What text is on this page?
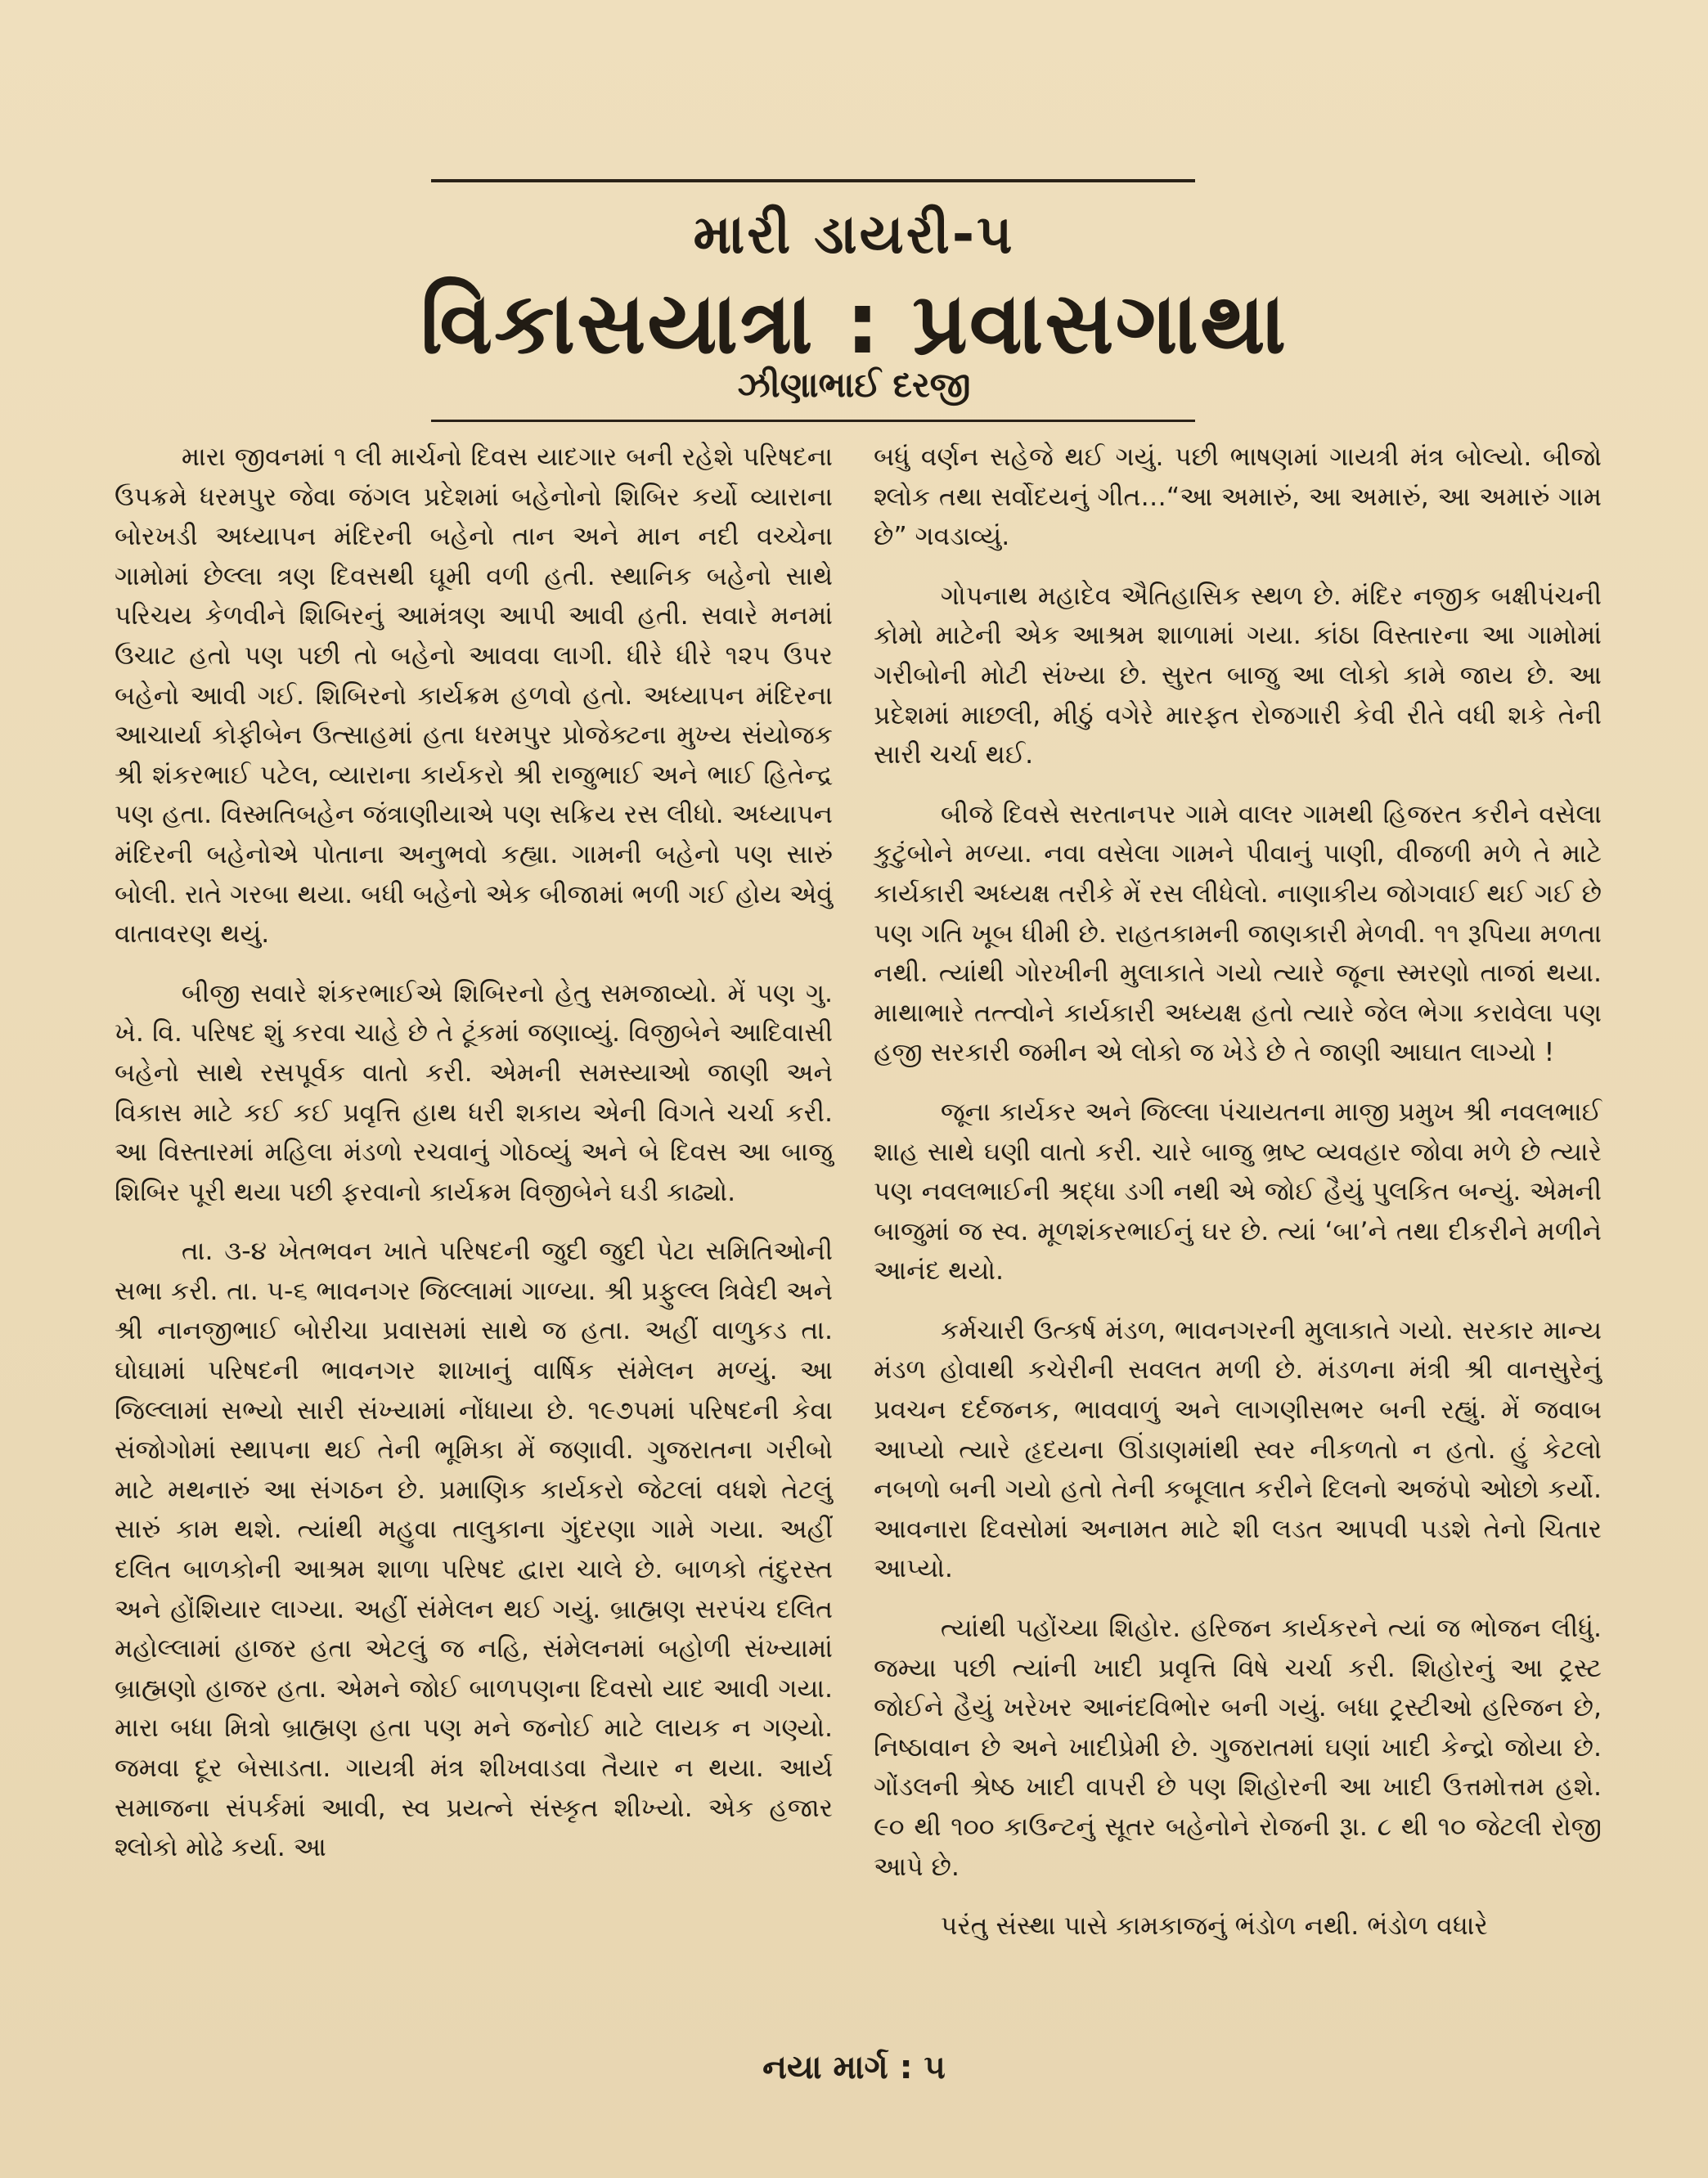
મારી ડાયરી-૫
વિકાસયાત્રા : પ્રવાસગાથા
ઝીણાભાઈ દરજી

મારા જીવનમાં ૧ લી માર્ચનો દિવસ યાદગાર બની રહેશે પરિષદના ઉપક્રમે ધરમપુર જેવા જંગલ પ્રદેશમાં બહેનોનો શિબિર કર્યો વ્યારાના બોરખડી અધ્યાપન મંદિરની બહેનો તાન અને માન નદી વચ્ચેના ગામોમાં છેલ્લા ત્રણ દિવસથી ઘૂમી વળી હતી. સ્થાનિક બહેનો સાથે પરિચય કેળવીને શિબિરનું આમંત્રણ આપી આવી હતી. સવારે મનમાં ઉચાટ હતો પણ પછી તો બહેનો આવવા લાગી. ધીરે ધીરે ૧૨૫ ઉપર બહેનો આવી ગઈ. શિબિરનો કાર્યક્રમ હળવો હતો. અધ્યાપન મંદિરના આચાર્યા કોફીબેન ઉત્સાહમાં હતા ધરમપુર પ્રોજેક્ટના મુખ્ય સંયોજક શ્રી શંકરભાઈ પટેલ, વ્યારાના કાર્યકરો શ્રી રાજુભાઈ અને ભાઈ હિતેન્દ્ર પણ હતા. વિસ્મતિબહેન જંત્રાણીયાએ પણ સક્રિય રસ લીધો. અધ્યાપન મંદિરની બહેનોએ પોતાના અનુભવો કહ્યા. ગામની બહેનો પણ સારું બોલી. રાતે ગરબા થયા. બધી બહેનો એક બીજામાં ભળી ગઈ હોય એવું વાતાવરણ થયું.

બીજી સવારે શંકરભાઈએ શિબિરનો હેતુ સમજાવ્યો. મેં પણ ગુ. ખે. વિ. પરિષદ શું કરવા ચાહે છે તે ટૂંકમાં જણાવ્યું. વિજીબેને આદિવાસી બહેનો સાથે રસપૂર્વક વાતો કરી. એમની સમસ્યાઓ જાણી અને વિકાસ માટે કઈ કઈ પ્રવૃત્તિ હાથ ધરી શકાય એની વિગતે ચર્ચા કરી. આ વિસ્તારમાં મહિલા મંડળો રચવાનું ગોઠવ્યું અને બે દિવસ આ બાજુ શિબિર પૂરી થયા પછી ફરવાનો કાર્યક્રમ વિજીબેને ઘડી કાઢ્યો.

તા. ૩-૪ ખેતભવન ખાતે પરિષદની જુદી જુદી પેટા સમિતિઓની સભા કરી. તા. ૫-૬ ભાવનગર જિલ્લામાં ગાળ્યા. શ્રી પ્રફુલ્લ ત્રિવેદી અને શ્રી નાનજીભાઈ બોરીચા પ્રવાસમાં સાથે જ હતા. અહીં વાળુકડ તા. ઘોઘામાં પરિષદની ભાવનગર શાખાનું વાર્ષિક સંમેલન મળ્યું. આ જિલ્લામાં સભ્યો સારી સંખ્યામાં નોંધાયા છે. ૧૯૭૫માં પરિષદની કેવા સંજોગોમાં સ્થાપના થઈ તેની ભૂમિકા મેં જણાવી. ગુજરાતના ગરીબો માટે મથનારું આ સંગઠન છે. પ્રમાણિક કાર્યકરો જેટલાં વધશે તેટલું સારું કામ થશે. ત્યાંથી મહુવા તાલુકાના ગુંદરણા ગામે ગયા. અહીં દલિત બાળકોની આશ્રમ શાળા પરિષદ દ્વારા ચાલે છે. બાળકો તંદુરસ્ત અને હોંશિયાર લાગ્યા. અહીં સંમેલન થઈ ગયું. બ્રાહ્મણ સરપંચ દલિત મહોલ્લામાં હાજર હતા એટલું જ નહિ, સંમેલનમાં બહોળી સંખ્યામાં બ્રાહ્મણો હાજર હતા. એમને જોઈ બાળપણના દિવસો યાદ આવી ગયા. મારા બધા મિત્રો બ્રાહ્મણ હતા પણ મને જનોઈ માટે લાયક ન ગણ્યો. જમવા દૂર બેસાડતા. ગાયત્રી મંત્ર શીખવાડવા તૈયાર ન થયા. આર્ય સમાજના સંપર્કમાં આવી, સ્વ પ્રયત્ને સંસ્કૃત શીખ્યો. એક હજાર શ્લોકો મોઢે કર્યા. આ

બધું વર્ણન સહેજે થઈ ગયું. પછી ભાષણમાં ગાયત્રી મંત્ર બોલ્યો. બીજો શ્લોક તથા સર્વોદયનું ગીત…“આ અમારું, આ અમારું, આ અમારું ગામ છે” ગવડાવ્યું.

ગોપનાથ મહાદેવ ઐતિહાસિક સ્થળ છે. મંદિર નજીક બક્ષીપંચની કોમો માટેની એક આશ્રમ શાળામાં ગયા. કાંઠા વિસ્તારના આ ગામોમાં ગરીબોની મોટી સંખ્યા છે. સુરત બાજુ આ લોકો કામે જાય છે. આ પ્રદેશમાં માછલી, મીઠું વગેરે મારફત રોજગારી કેવી રીતે વધી શકે તેની સારી ચર્ચા થઈ.

બીજે દિવસે સરતાનપર ગામે વાલર ગામથી હિજરત કરીને વસેલા કુટુંબોને મળ્યા. નવા વસેલા ગામને પીવાનું પાણી, વીજળી મળે તે માટે કાર્યકારી અધ્યક્ષ તરીકે મેં રસ લીધેલો. નાણાકીય જોગવાઈ થઈ ગઈ છે પણ ગતિ ખૂબ ધીમી છે. રાહતકામની જાણકારી મેળવી. ૧૧ રૂપિયા મળતા નથી. ત્યાંથી ગોરખીની મુલાકાતે ગયો ત્યારે જૂના સ્મરણો તાજાં થયા. માથાભારે તત્ત્વોને કાર્યકારી અધ્યક્ષ હતો ત્યારે જેલ ભેગા કરાવેલા પણ હજી સરકારી જમીન એ લોકો જ ખેડે છે તે જાણી આઘાત લાગ્યો !

જૂના કાર્યકર અને જિલ્લા પંચાયતના માજી પ્રમુખ શ્રી નવલભાઈ શાહ સાથે ઘણી વાતો કરી. ચારે બાજુ ભ્રષ્ટ વ્યવહાર જોવા મળે છે ત્યારે પણ નવલભાઈની શ્રદ્ધા ડગી નથી એ જોઈ હૈયું પુલકિત બન્યું. એમની બાજુમાં જ સ્વ. મૂળશંકરભાઈનું ઘર છે. ત્યાં ‘બા’ને તથા દીકરીને મળીને આનંદ થયો.

કર્મચારી ઉત્કર્ષ મંડળ, ભાવનગરની મુલાકાતે ગયો. સરકાર માન્ય મંડળ હોવાથી કચેરીની સવલત મળી છે. મંડળના મંત્રી શ્રી વાનસુરેનું પ્રવચન દર્દજનક, ભાવવાળું અને લાગણીસભર બની રહ્યું. મેં જવાબ આપ્યો ત્યારે હૃદયના ઊંડાણમાંથી સ્વર નીકળતો ન હતો. હું કેટલો નબળો બની ગયો હતો તેની કબૂલાત કરીને દિલનો અજંપો ઓછો કર્યો. આવનારા દિવસોમાં અનામત માટે શી લડત આપવી પડશે તેનો ચિતાર આપ્યો.

ત્યાંથી પહોંચ્યા શિહોર. હરિજન કાર્યકરને ત્યાં જ ભોજન લીધું. જમ્યા પછી ત્યાંની ખાદી પ્રવૃત્તિ વિષે ચર્ચા કરી. શિહોરનું આ ટ્રસ્ટ જોઈને હૈયું ખરેખર આનંદવિભોર બની ગયું. બધા ટ્રસ્ટીઓ હરિજન છે, નિષ્ઠાવાન છે અને ખાદીપ્રેમી છે. ગુજરાતમાં ઘણાં ખાદી કેન્દ્રો જોયા છે. ગોંડલની શ્રેષ્ઠ ખાદી વાપરી છે પણ શિહોરની આ ખાદી ઉત્તમોત્તમ હશે. ૯૦ થી ૧૦૦ કાઉન્ટનું સૂતર બહેનોને રોજની રૂા. ૮ થી ૧૦ જેટલી રોજી આપે છે.

પરંતુ સંસ્થા પાસે કામકાજનું ભંડોળ નથી. ભંડોળ વધારે

નયા માર્ગ : ૫
